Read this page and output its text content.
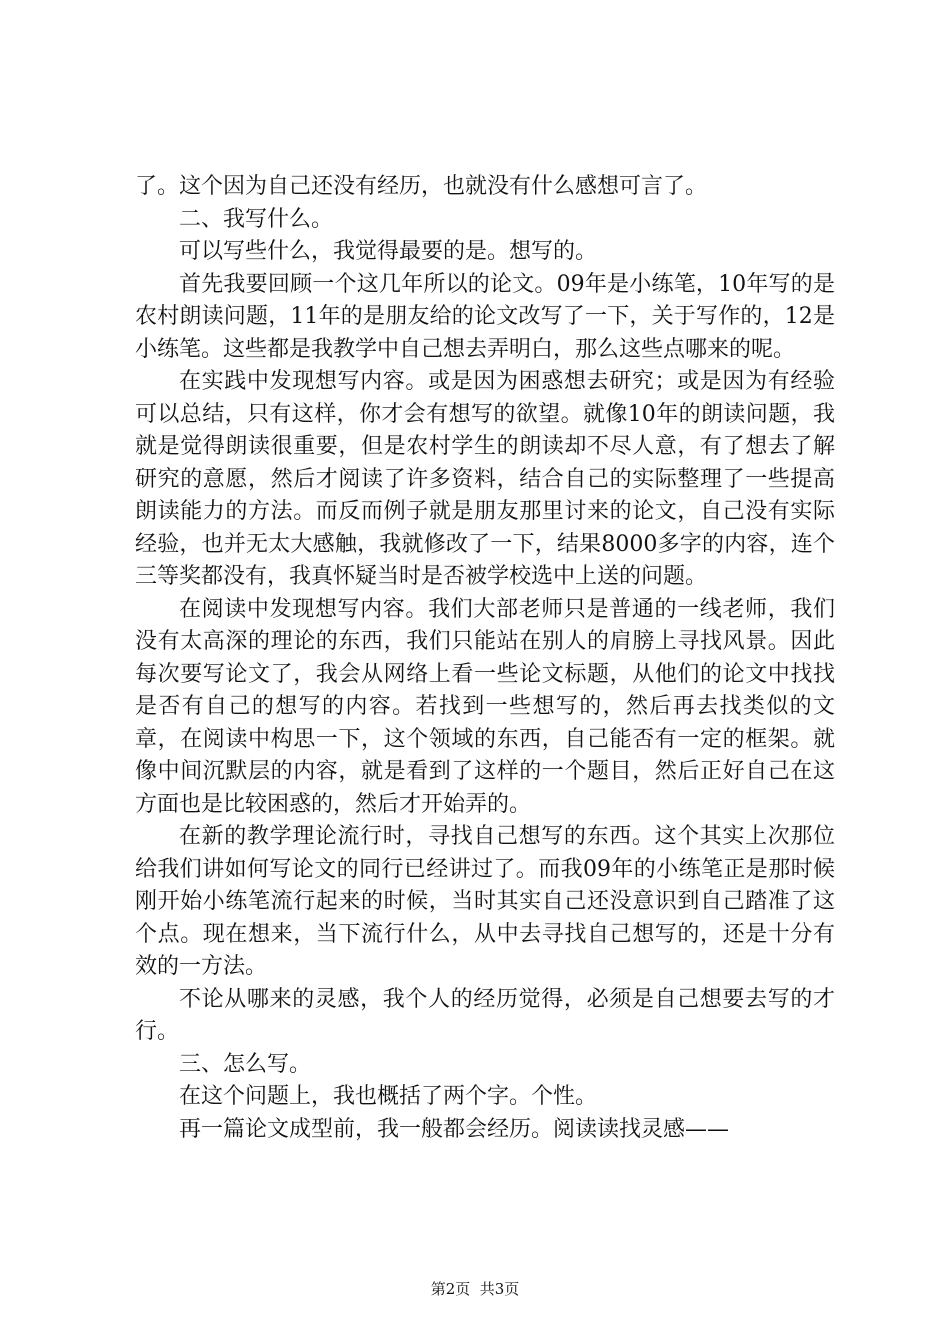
了。这个因为自己还没有经历，也就没有什么感想可言了。

二、我写什么。

可以写些什么，我觉得最要的是。想写的。

首先我要回顾一个这几年所以的论文。09年是小练笔，10年写的是农村朗读问题，11年的是朋友给的论文改写了一下，关于写作的，12是小练笔。这些都是我教学中自己想去弄明白，那么这些点哪来的呢。

在实践中发现想写内容。或是因为困惑想去研究；或是因为有经验可以总结，只有这样，你才会有想写的欲望。就像10年的朗读问题，我就是觉得朗读很重要，但是农村学生的朗读却不尽人意，有了想去了解研究的意愿，然后才阅读了许多资料，结合自己的实际整理了一些提高朗读能力的方法。而反而例子就是朋友那里讨来的论文，自己没有实际经验，也并无太大感触，我就修改了一下，结果8000多字的内容，连个三等奖都没有，我真怀疑当时是否被学校选中上送的问题。

在阅读中发现想写内容。我们大部老师只是普通的一线老师，我们没有太高深的理论的东西，我们只能站在别人的肩膀上寻找风景。因此每次要写论文了，我会从网络上看一些论文标题，从他们的论文中找找是否有自己的想写的内容。若找到一些想写的，然后再去找类似的文章，在阅读中构思一下，这个领域的东西，自己能否有一定的框架。就像中间沉默层的内容，就是看到了这样的一个题目，然后正好自己在这方面也是比较困惑的，然后才开始弄的。

在新的教学理论流行时，寻找自己想写的东西。这个其实上次那位给我们讲如何写论文的同行已经讲过了。而我09年的小练笔正是那时候刚开始小练笔流行起来的时候，当时其实自己还没意识到自己踏准了这个点。现在想来，当下流行什么，从中去寻找自己想写的，还是十分有效的一方法。

不论从哪来的灵感，我个人的经历觉得，必须是自己想要去写的才行。

三、怎么写。

在这个问题上，我也概括了两个字。个性。

再一篇论文成型前，我一般都会经历。阅读读找灵感——

第2页  共3页
